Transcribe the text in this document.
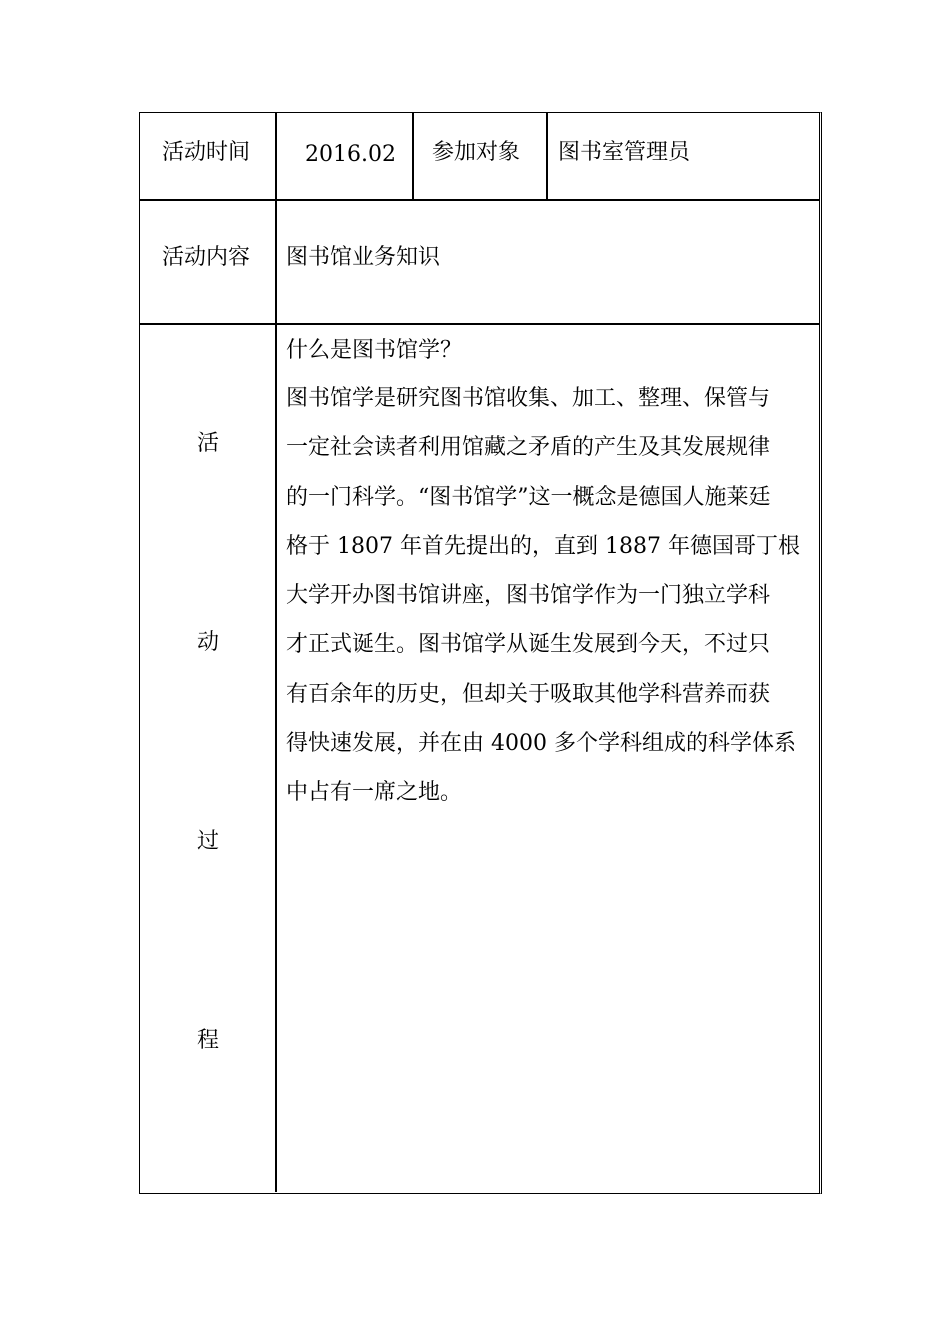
活动时间 2016.02 参加对象 图书室管理员
活动内容 图书馆业务知识
活
动
过
程

什么是图书馆学？

图书馆学是研究图书馆收集、加工、整理、保管与

一定社会读者利用馆藏之矛盾的产生及其发展规律

的一门科学。“图书馆学”这一概念是德国人施莱廷

格于 1807 年首先提出的，直到 1887 年德国哥丁根

大学开办图书馆讲座，图书馆学作为一门独立学科

才正式诞生。图书馆学从诞生发展到今天，不过只

有百余年的历史，但却关于吸取其他学科营养而获

得快速发展，并在由 4000 多个学科组成的科学体系

中占有一席之地。
